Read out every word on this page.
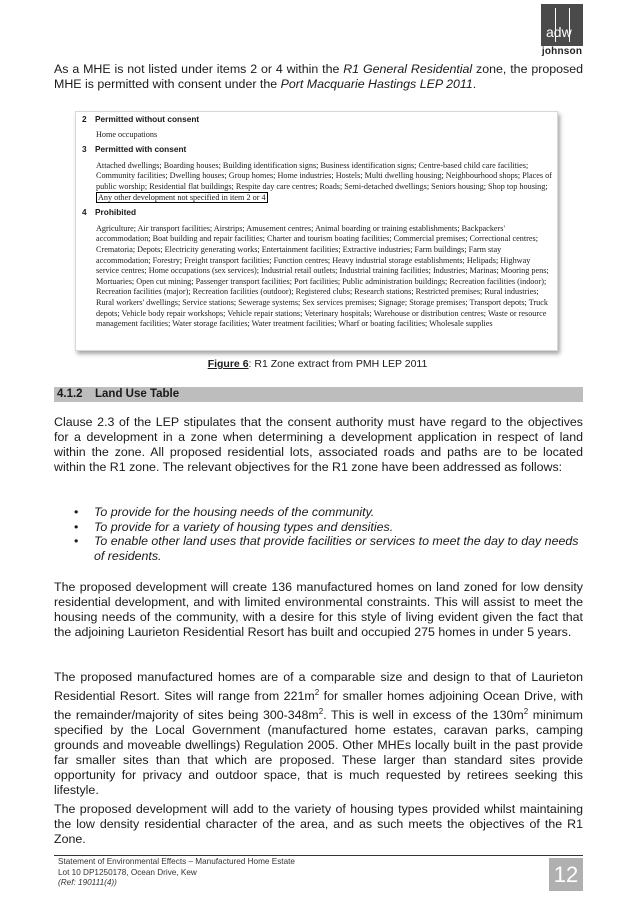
adw
johnson

As a MHE is not listed under items 2 or 4 within the R1 General Residential zone, the proposed MHE is permitted with consent under the Port Macquarie Hastings LEP 2011.

2	Permitted without consent
Home occupations
3	Permitted with consent
Attached dwellings; Boarding houses; Building identification signs; Business identification signs; Centre-based child care facilities; Community facilities; Dwelling houses; Group homes; Home industries; Hostels; Multi dwelling housing; Neighbourhood shops; Places of public worship; Residential flat buildings; Respite day care centres; Roads; Semi-detached dwellings; Seniors housing; Shop top housing; Any other development not specified in item 2 or 4
4	Prohibited
Agriculture; Air transport facilities; Airstrips; Amusement centres; Animal boarding or training establishments; Backpackers' accommodation; Boat building and repair facilities; Charter and tourism boating facilities; Commercial premises; Correctional centres; Crematoria; Depots; Electricity generating works; Entertainment facilities; Extractive industries; Farm buildings; Farm stay accommodation; Forestry; Freight transport facilities; Function centres; Heavy industrial storage establishments; Helipads; Highway service centres; Home occupations (sex services); Industrial retail outlets; Industrial training facilities; Industries; Marinas; Mooring pens; Mortuaries; Open cut mining; Passenger transport facilities; Port facilities; Public administration buildings; Recreation facilities (indoor); Recreation facilities (major); Recreation facilities (outdoor); Registered clubs; Research stations; Restricted premises; Rural industries; Rural workers' dwellings; Service stations; Sewerage systems; Sex services premises; Signage; Storage premises; Transport depots; Truck depots; Vehicle body repair workshops; Vehicle repair stations; Veterinary hospitals; Warehouse or distribution centres; Waste or resource management facilities; Water storage facilities; Water treatment facilities; Wharf or boating facilities; Wholesale supplies
Figure 6: R1 Zone extract from PMH LEP 2011
4.1.2 Land Use Table

Clause 2.3 of the LEP stipulates that the consent authority must have regard to the objectives for a development in a zone when determining a development application in respect of land within the zone. All proposed residential lots, associated roads and paths are to be located within the R1 zone. The relevant objectives for the R1 zone have been addressed as follows:

• To provide for the housing needs of the community.
• To provide for a variety of housing types and densities.
• To enable other land uses that provide facilities or services to meet the day to day needs of residents.

The proposed development will create 136 manufactured homes on land zoned for low density residential development, and with limited environmental constraints. This will assist to meet the housing needs of the community, with a desire for this style of living evident given the fact that the adjoining Laurieton Residential Resort has built and occupied 275 homes in under 5 years.

The proposed manufactured homes are of a comparable size and design to that of Laurieton Residential Resort. Sites will range from $221m^2$ for smaller homes adjoining Ocean Drive, with the remainder/majority of sites being $300-348m^2$. This is well in excess of the $130m^2$ minimum specified by the Local Government (manufactured home estates, caravan parks, camping grounds and moveable dwellings) Regulation 2005. Other MHEs locally built in the past provide far smaller sites than that which are proposed. These larger than standard sites provide opportunity for privacy and outdoor space, that is much requested by retirees seeking this lifestyle.

The proposed development will add to the variety of housing types provided whilst maintaining the low density residential character of the area, and as such meets the objectives of the R1 Zone.

Statement of Environmental Effects – Manufactured Home Estate
Lot 10 DP1250178, Ocean Drive, Kew
(Ref: 190111(4))	12
